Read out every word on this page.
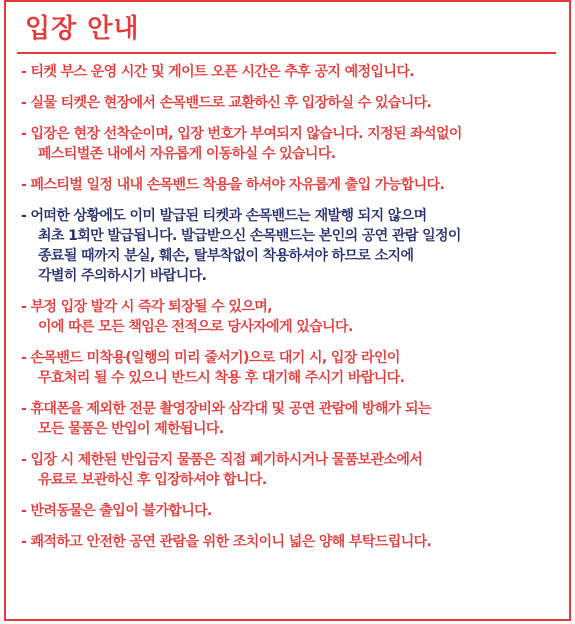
입장 안내
- 티켓 부스 운영 시간 및 게이트 오픈 시간은 추후 공지 예정입니다.
- 실물 티켓은 현장에서 손목밴드로 교환하신 후 입장하실 수 있습니다.
- 입장은 현장 선착순이며, 입장 번호가 부여되지 않습니다. 지정된 좌석없이
페스티벌존 내에서 자유롭게 이동하실 수 있습니다.
- 페스티벌 일정 내내 손목밴드 착용을 하셔야 자유롭게 출입 가능합니다.
- 어떠한 상황에도 이미 발급된 티켓과 손목밴드는 재발행 되지 않으며
최초 1회만 발급됩니다. 발급받으신 손목밴드는 본인의 공연 관람 일정이
종료될 때까지 분실, 훼손, 탈부착없이 착용하셔야 하므로 소지에
각별히 주의하시기 바랍니다.
- 부정 입장 발각 시 즉각 퇴장될 수 있으며,
이에 따른 모든 책임은 전적으로 당사자에게 있습니다.
- 손목밴드 미착용(일행의 미리 줄서기)으로 대기 시, 입장 라인이
무효처리 될 수 있으니 반드시 착용 후 대기해 주시기 바랍니다.
- 휴대폰을 제외한 전문 촬영장비와 삼각대 및 공연 관람에 방해가 되는
모든 물품은 반입이 제한됩니다.
- 입장 시 제한된 반입금지 물품은 직접 폐기하시거나 물품보관소에서
유료로 보관하신 후 입장하셔야 합니다.
- 반려동물은 출입이 불가합니다.
- 쾌적하고 안전한 공연 관람을 위한 조치이니 넓은 양해 부탁드립니다.
